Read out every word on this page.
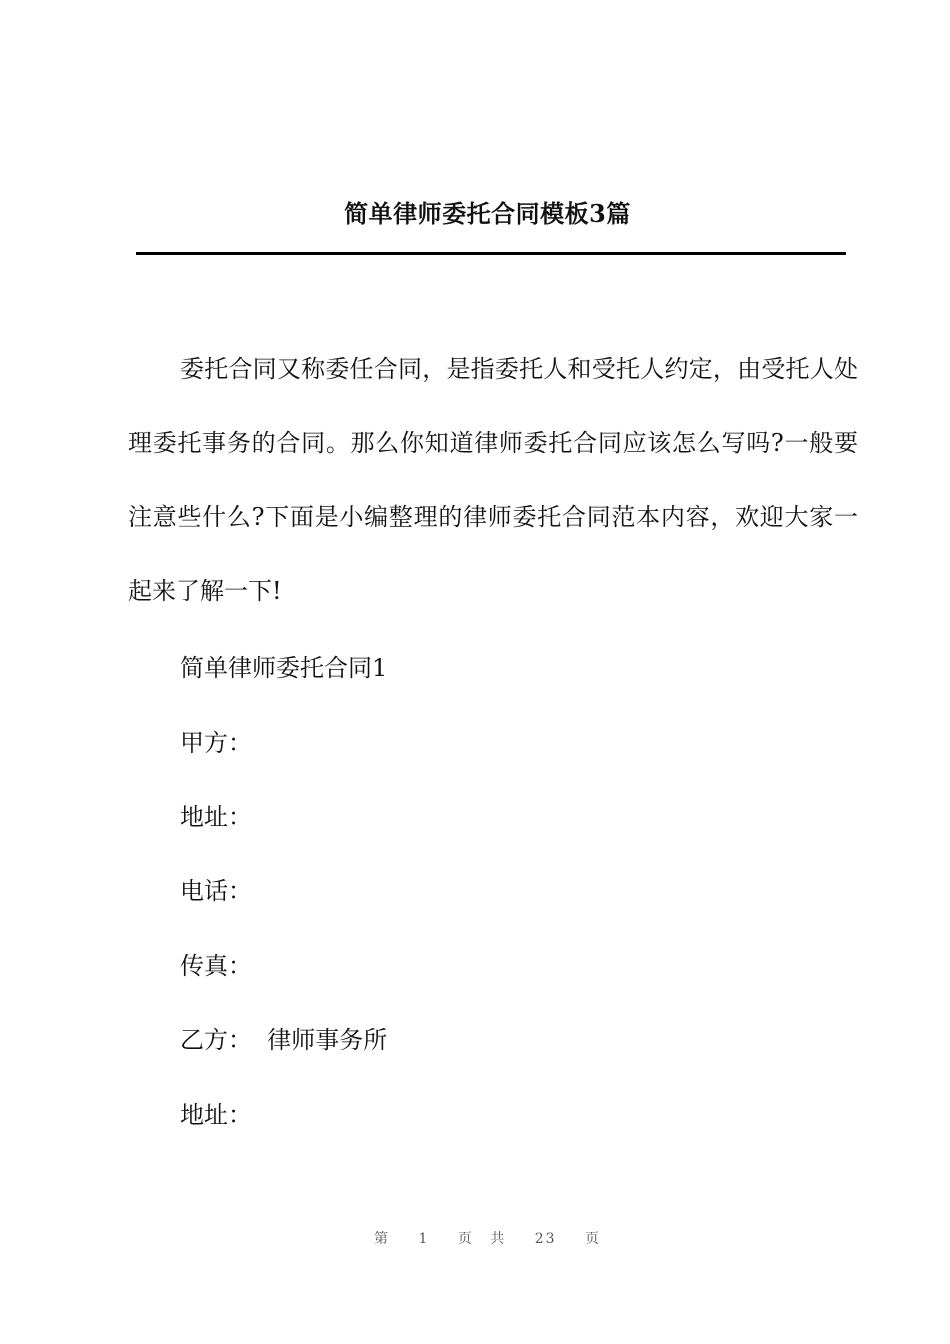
简单律师委托合同模板3篇

委托合同又称委任合同，是指委托人和受托人约定，由受托人处理委托事务的合同。那么你知道律师委托合同应该怎么写吗?一般要注意些什么?下面是小编整理的律师委托合同范本内容，欢迎大家一起来了解一下!

简单律师委托合同1

甲方：

地址：

电话：

传真：

乙方： 律师事务所

地址：

第 1 页 共 23 页
